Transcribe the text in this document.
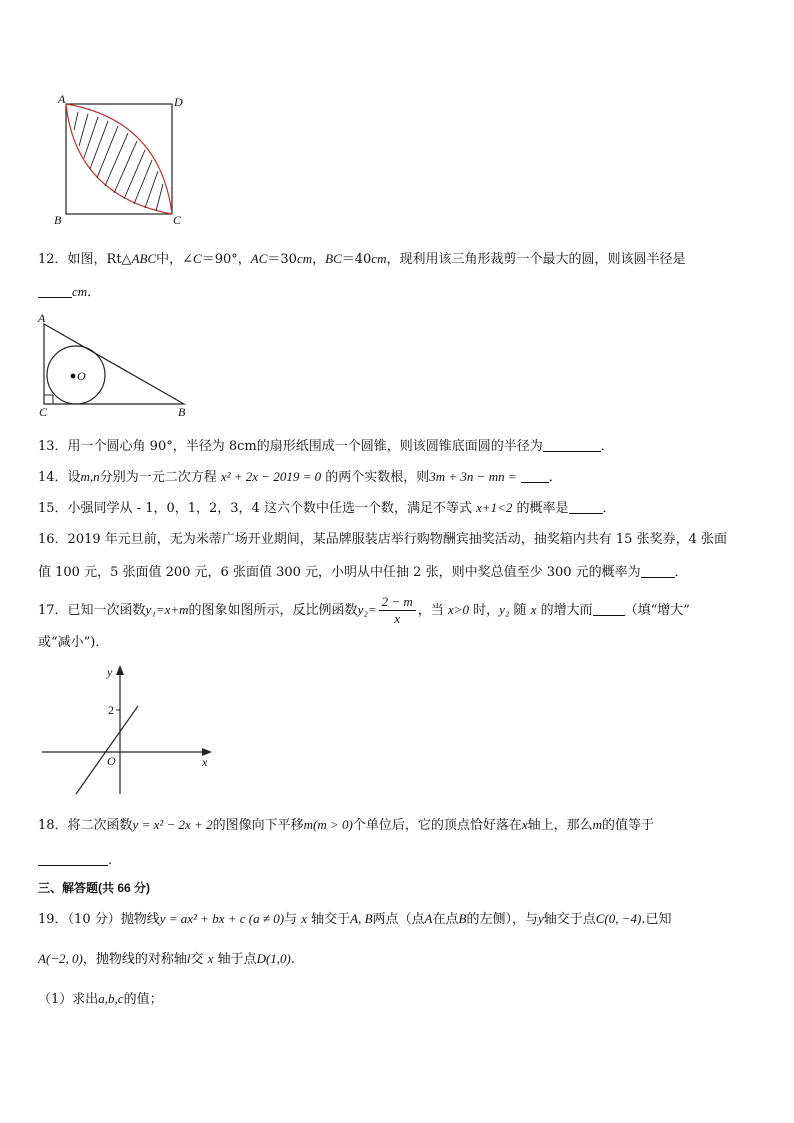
A	D
B	C
12．如图，Rt△ABC中，∠C＝90°，AC＝30cm，BC＝40cm，现利用该三角形裁剪一个最大的圆，则该圆半径是
cm．
A
O
C	B
13．用一个圆心角 90°，半径为 8cm的扇形纸围成一个圆锥，则该圆锥底面圆的半径为	．
14．设m,n分别为一元二次方程 x² + 2x − 2019 = 0 的两个实数根，则3m + 3n − mn = ．
15．小强同学从 - 1，0，1，2，3，4 这六个数中任选一个数，满足不等式 x+1<2 的概率是	．
16．2019 年元旦前，无为米蒂广场开业期间，某品牌服装店举行购物酬宾抽奖活动，抽奖箱内共有 15 张奖券，4 张面
值 100 元，5 张面值 200 元，6 张面值 300 元，小明从中任抽 2 张，则中奖总值至少 300 元的概率为	．
17．已知一次函数y₁=x+m的图象如图所示，反比例函数$y_2= \frac{2 - m}{x}$ ，当 x>0 时，y₂ 随 x 的增大而 （填“增大”
或“减小”)．
y
2
O	x
18．将二次函数y = x² − 2x + 2的图像向下平移m(m > 0)个单位后，它的顶点恰好落在x轴上，那么m的值等于
.
三、解答题(共 66 分)
19．（10 分）抛物线y = ax² + bx + c (a ≠ 0)与 x 轴交于A, B两点（点A在点B的左侧），与y轴交于点C(0, −4).已知
A(−2, 0)，抛物线的对称轴l交 x 轴于点D(1,0).
（1）求出a,b,c的值；
